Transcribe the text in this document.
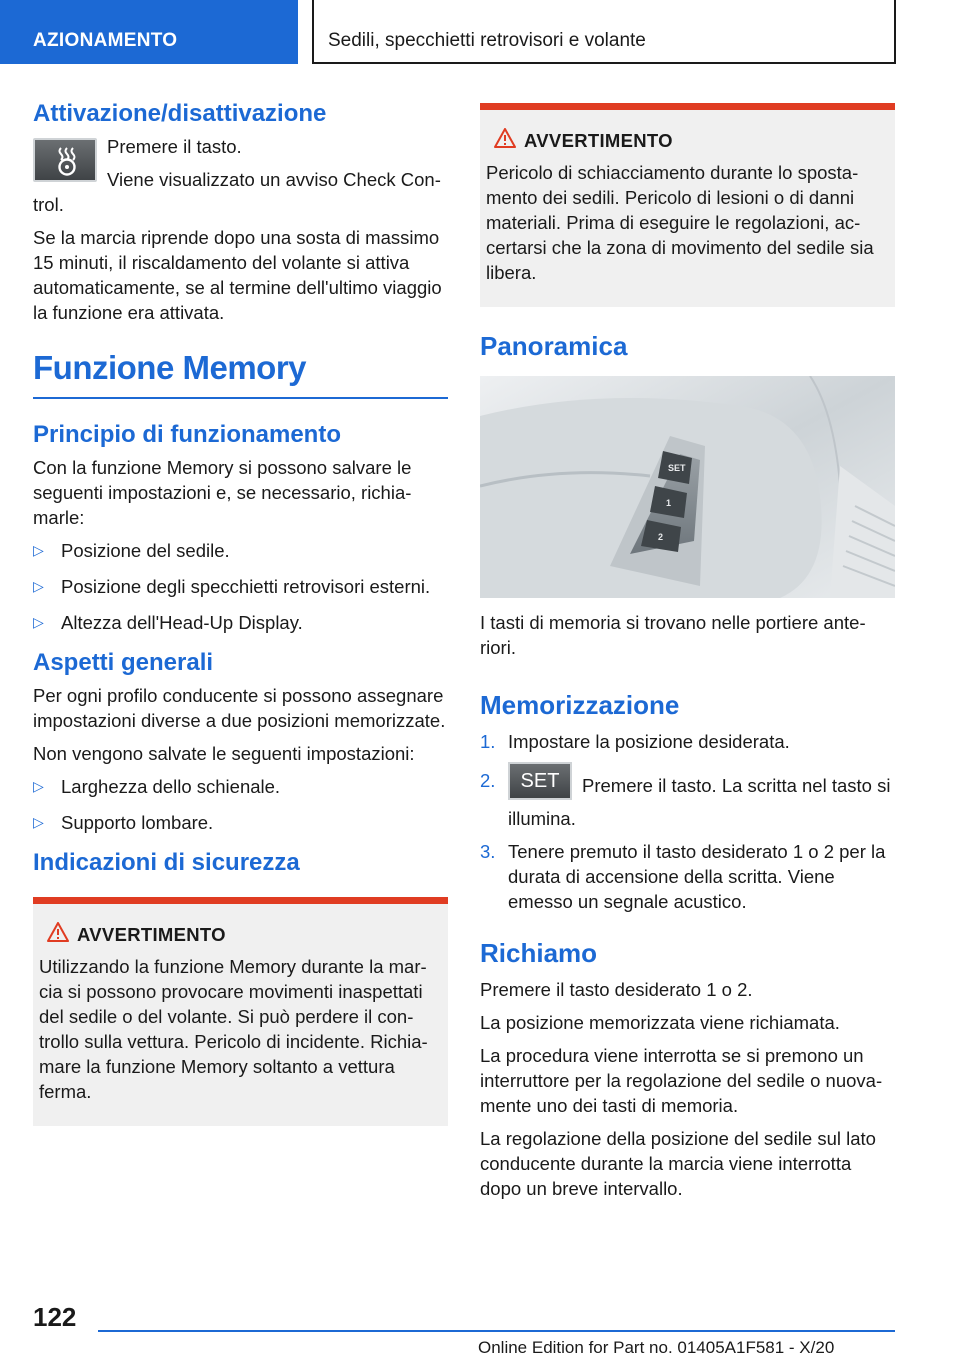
AZIONAMENTO	Sedili, specchietti retrovisori e volante
Attivazione/disattivazione

Premere il tasto.

Viene visualizzato un avviso Check Control.

Se la marcia riprende dopo una sosta di massimo 15 minuti, il riscaldamento del volante si attiva automaticamente, se al termine dell'ultimo viaggio la funzione era attivata.

Funzione Memory
Principio di funzionamento

Con la funzione Memory si possono salvare le seguenti impostazioni e, se necessario, richiamarle:

▷ Posizione del sedile.
▷ Posizione degli specchietti retrovisori esterni.
▷ Altezza dell'Head-Up Display.
Aspetti generali

Per ogni profilo conducente si possono assegnare impostazioni diverse a due posizioni memorizzate.

Non vengono salvate le seguenti impostazioni:

▷ Larghezza dello schienale.
▷ Supporto lombare.
Indicazioni di sicurezza
AVVERTIMENTO

Utilizzando la funzione Memory durante la marcia si possono provocare movimenti inaspettati del sedile o del volante. Si può perdere il controllo sulla vettura. Pericolo di incidente. Richiamare la funzione Memory soltanto a vettura ferma.

AVVERTIMENTO

Pericolo di schiacciamento durante lo spostamento dei sedili. Pericolo di lesioni o di danni materiali. Prima di eseguire le regolazioni, accertarsi che la zona di movimento del sedile sia libera.

Panoramica
SET
1
2

I tasti di memoria si trovano nelle portiere anteriori.

Memorizzazione
1. Impostare la posizione desiderata.
2. SET Premere il tasto. La scritta nel tasto si illumina.
3. Tenere premuto il tasto desiderato 1 o 2 per la durata di accensione della scritta. Viene emesso un segnale acustico.
Richiamo

Premere il tasto desiderato 1 o 2.

La posizione memorizzata viene richiamata.

La procedura viene interrotta se si premono un interruttore per la regolazione del sedile o nuovamente uno dei tasti di memoria.

La regolazione della posizione del sedile sul lato conducente durante la marcia viene interrotta dopo un breve intervallo.

122
Online Edition for Part no. 01405A1F581 - X/20
